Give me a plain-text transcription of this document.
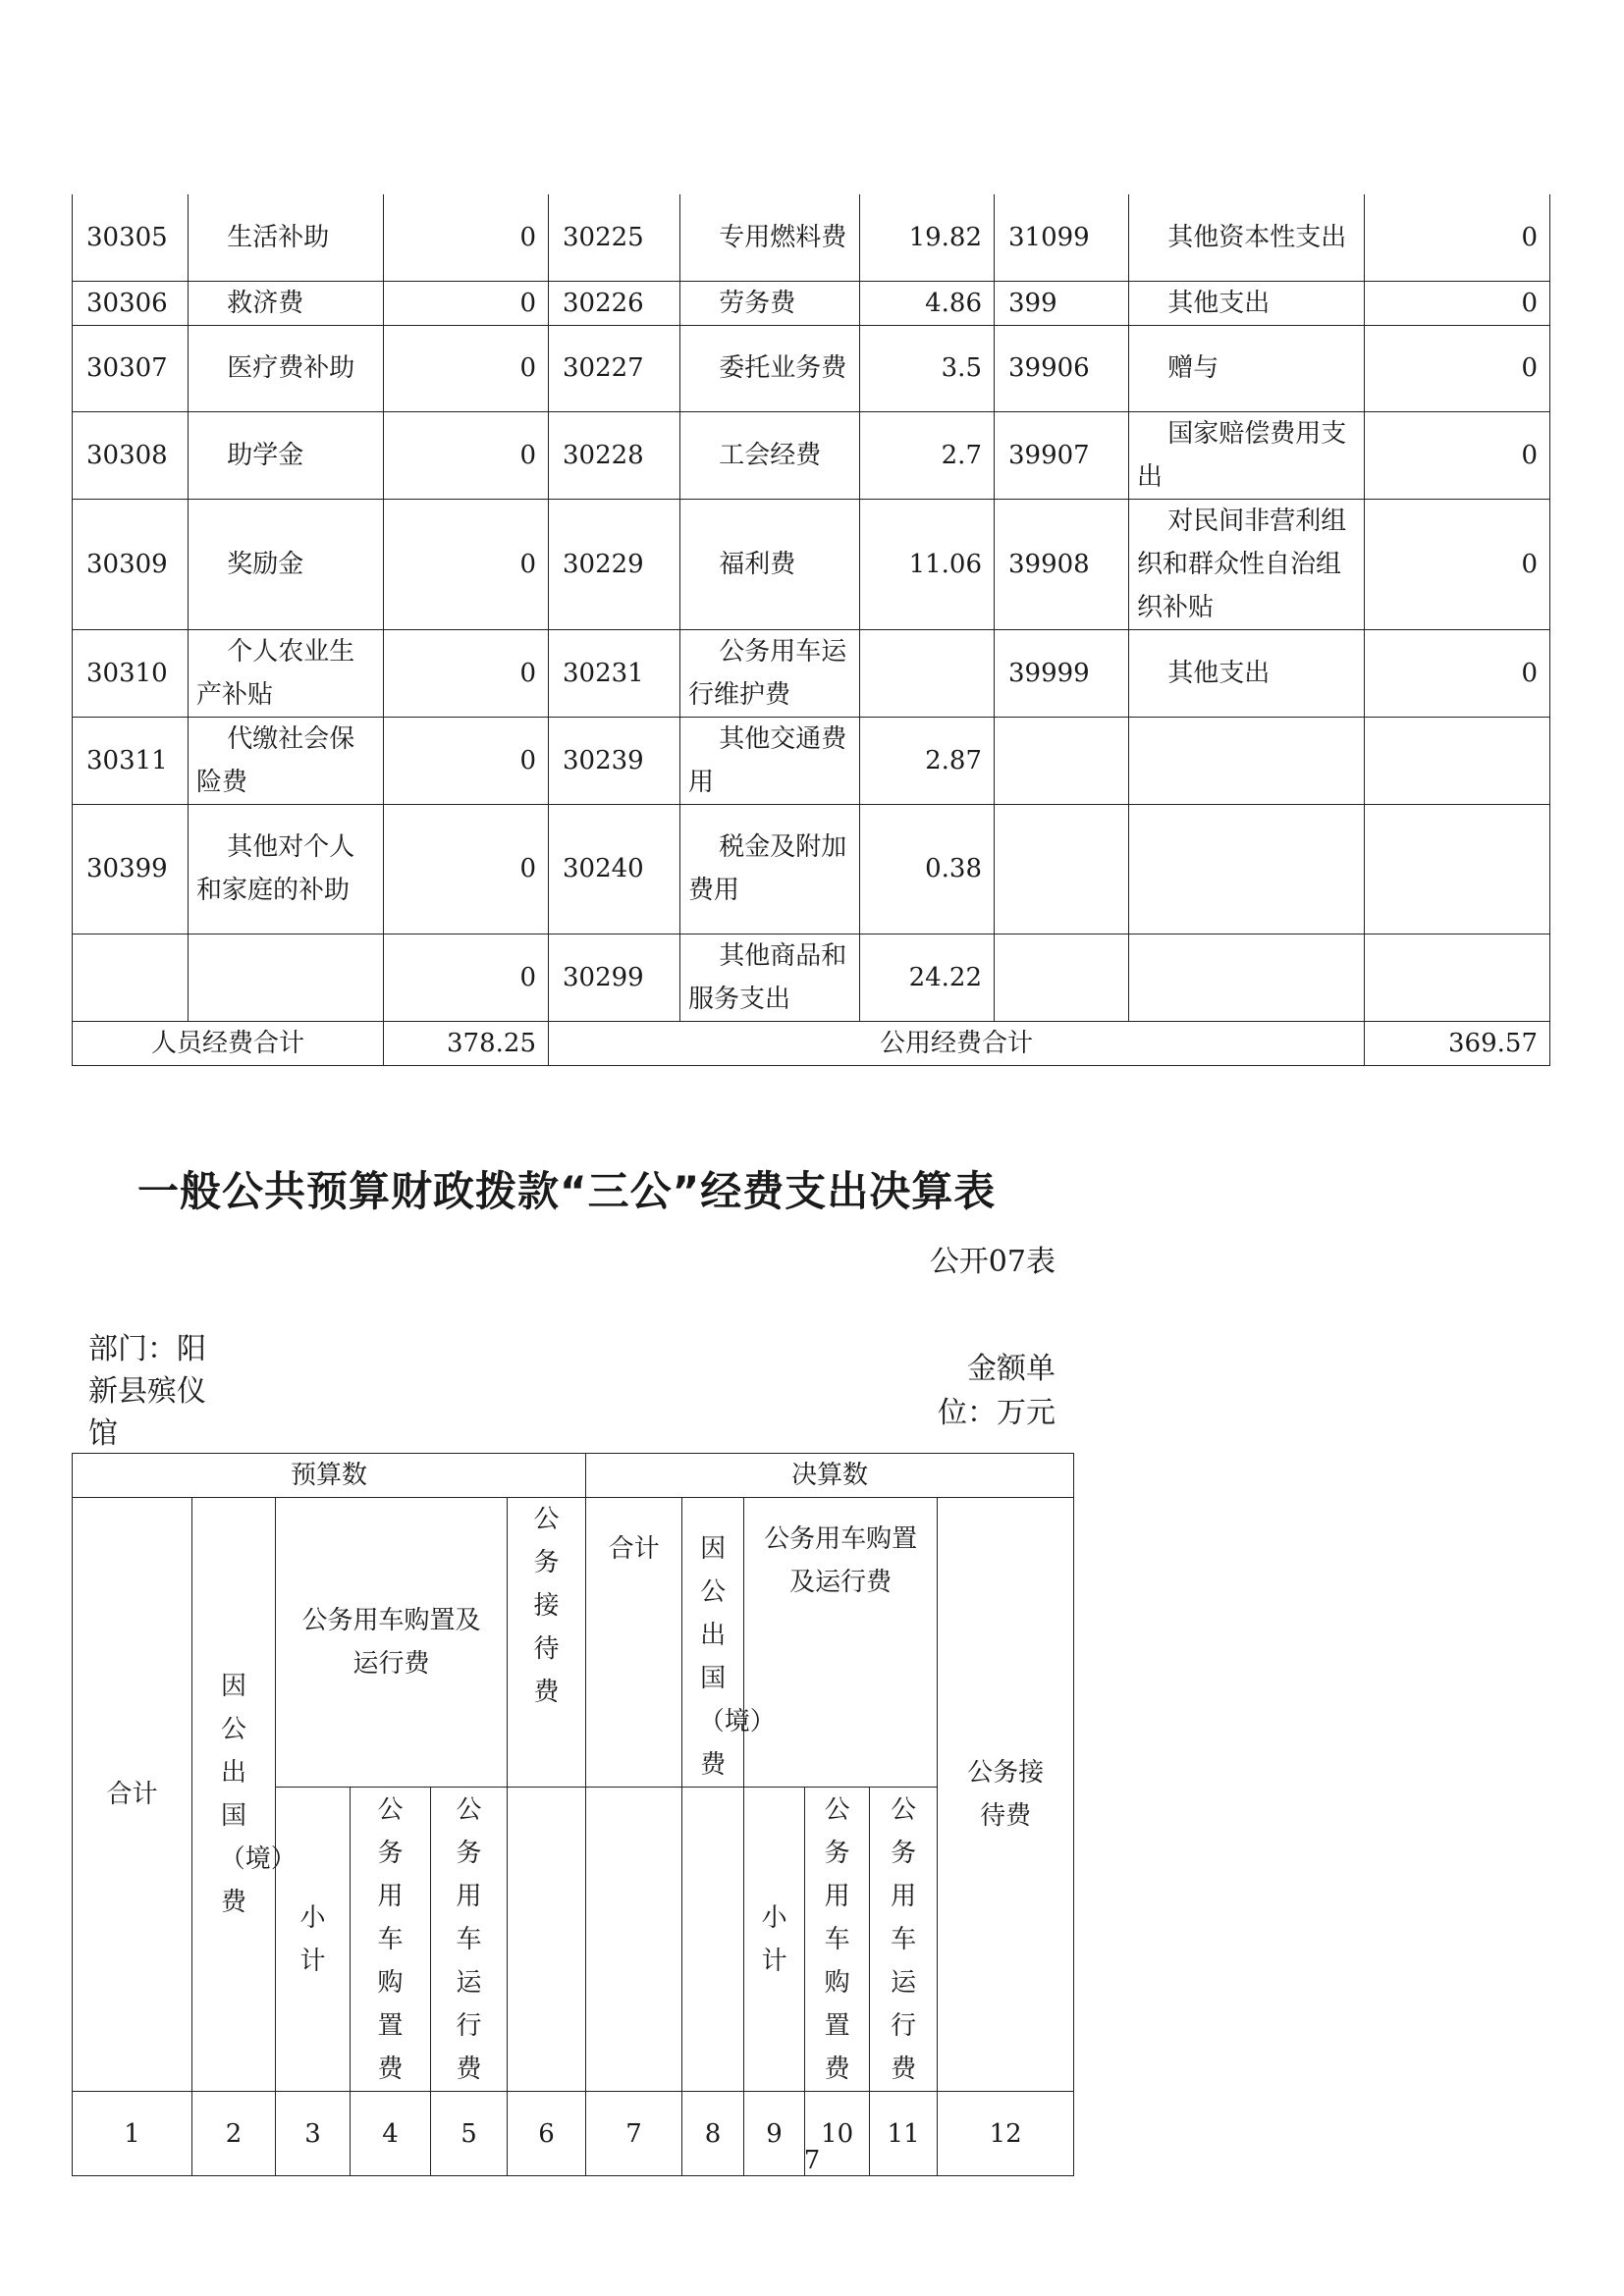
30305	生活补助	0	30225	专用燃料费	19.82	31099	其他资本性支出	0
30306	救济费	0	30226	劳务费	4.86	399	其他支出	0
30307	医疗费补助	0	30227	委托业务费	3.5	39906	赠与	0
30308	助学金	0	30228	工会经费	2.7	39907	国家赔偿费用支出	0
30309	奖励金	0	30229	福利费	11.06	39908	对民间非营利组织和群众性自治组织补贴	0
30310	个人农业生产补贴	0	30231	公务用车运行维护费		39999	其他支出	0
30311	代缴社会保险费	0	30239	其他交通费用	2.87			
30399	其他对个人和家庭的补助	0	30240	税金及附加费用	0.38			
		0	30299	其他商品和服务支出	24.22			
人员经费合计		378.25	公用经费合计					369.57
一般公共预算财政拨款“三公”经费支出决算表
公开07表
部门：阳新县殡仪馆
金额单位：万元
预算数						决算数					
合计	因公出国（境）费	公务用车购置及运行费			公务接待费	合计	因公出国（境）费	公务用车购置及运行费			公务接待费
		小计	公务用车购置费	公务用车运行费				小计	公务用车购置费	公务用车运行费	
1	2	3	4	5	6	7	8	9	10	11	12
7
